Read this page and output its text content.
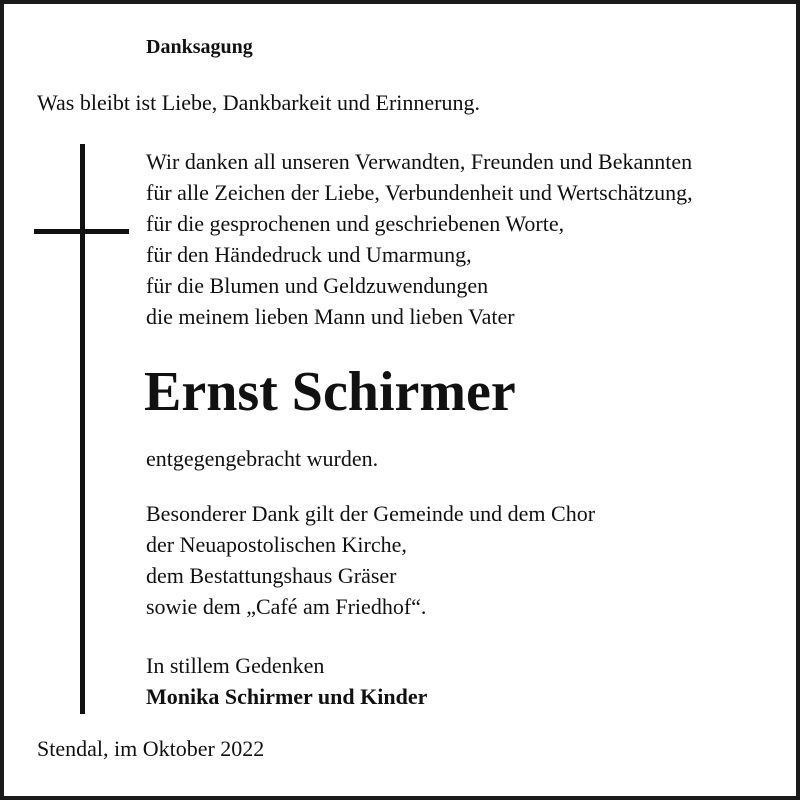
Danksagung
Was bleibt ist Liebe, Dankbarkeit und Erinnerung.
Wir danken all unseren Verwandten, Freunden und Bekannten
für alle Zeichen der Liebe, Verbundenheit und Wertschätzung,
für die gesprochenen und geschriebenen Worte,
für den Händedruck und Umarmung,
für die Blumen und Geldzuwendungen
die meinem lieben Mann und lieben Vater
Ernst Schirmer
entgegengebracht wurden.
Besonderer Dank gilt der Gemeinde und dem Chor
der Neuapostolischen Kirche,
dem Bestattungshaus Gräser
sowie dem „Café am Friedhof“.
In stillem Gedenken
Monika Schirmer und Kinder
Stendal, im Oktober 2022
